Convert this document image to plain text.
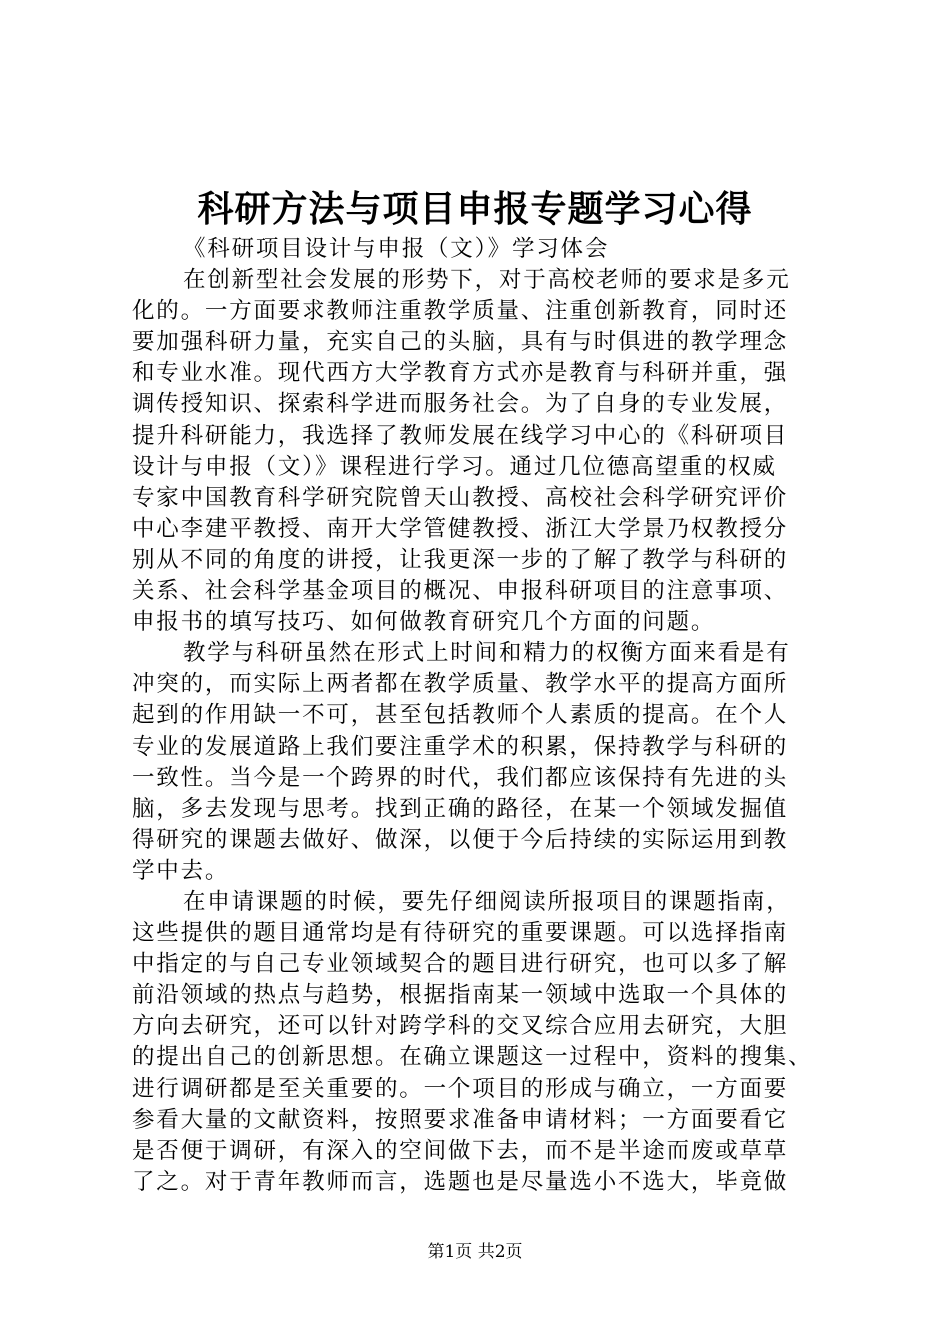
科研方法与项目申报专题学习心得

《科研项目设计与申报（文）》学习体会

在创新型社会发展的形势下，对于高校老师的要求是多元
化的。一方面要求教师注重教学质量、注重创新教育，同时还
要加强科研力量，充实自己的头脑，具有与时俱进的教学理念
和专业水准。现代西方大学教育方式亦是教育与科研并重，强
调传授知识、探索科学进而服务社会。为了自身的专业发展，
提升科研能力，我选择了教师发展在线学习中心的《科研项目
设计与申报（文）》课程进行学习。通过几位德高望重的权威
专家中国教育科学研究院曾天山教授、高校社会科学研究评价
中心李建平教授、南开大学管健教授、浙江大学景乃权教授分
别从不同的角度的讲授，让我更深一步的了解了教学与科研的
关系、社会科学基金项目的概况、申报科研项目的注意事项、
申报书的填写技巧、如何做教育研究几个方面的问题。

教学与科研虽然在形式上时间和精力的权衡方面来看是有
冲突的，而实际上两者都在教学质量、教学水平的提高方面所
起到的作用缺一不可，甚至包括教师个人素质的提高。在个人
专业的发展道路上我们要注重学术的积累，保持教学与科研的
一致性。当今是一个跨界的时代，我们都应该保持有先进的头
脑，多去发现与思考。找到正确的路径，在某一个领域发掘值
得研究的课题去做好、做深，以便于今后持续的实际运用到教
学中去。

在申请课题的时候，要先仔细阅读所报项目的课题指南，
这些提供的题目通常均是有待研究的重要课题。可以选择指南
中指定的与自己专业领域契合的题目进行研究，也可以多了解
前沿领域的热点与趋势，根据指南某一领域中选取一个具体的
方向去研究，还可以针对跨学科的交叉综合应用去研究，大胆
的提出自己的创新思想。在确立课题这一过程中，资料的搜集、
进行调研都是至关重要的。一个项目的形成与确立，一方面要
参看大量的文献资料，按照要求准备申请材料；一方面要看它
是否便于调研，有深入的空间做下去，而不是半途而废或草草
了之。对于青年教师而言，选题也是尽量选小不选大，毕竟做

第1页 共2页
